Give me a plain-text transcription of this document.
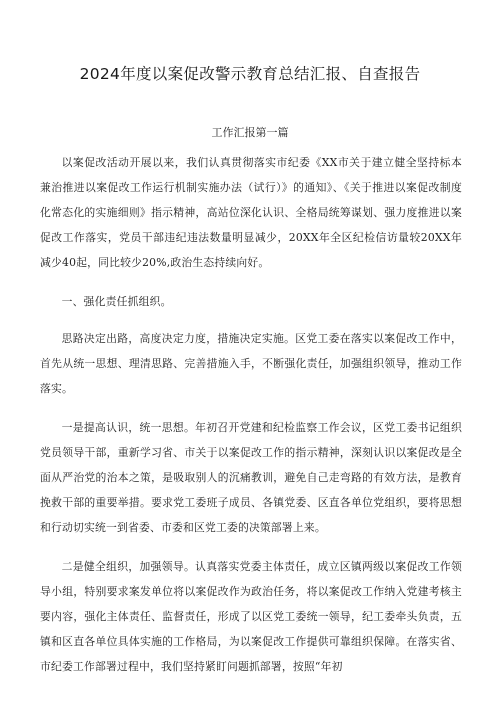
2024年度以案促改警示教育总结汇报、自查报告
工作汇报第一篇

以案促改活动开展以来，我们认真贯彻落实市纪委《XX市关于建立健全坚持标本兼治推进以案促改工作运行机制实施办法（试行）》的通知》、《关于推进以案促改制度化常态化的实施细则》指示精神，高站位深化认识、全格局统筹谋划、强力度推进以案促改工作落实，党员干部违纪违法数量明显减少，20XX年全区纪检信访量较20XX年减少40起，同比较少20%,政治生态持续向好。

一、强化责任抓组织。

思路决定出路，高度决定力度，措施决定实施。区党工委在落实以案促改工作中，首先从统一思想、理清思路、完善措施入手，不断强化责任，加强组织领导，推动工作落实。

一是提高认识，统一思想。年初召开党建和纪检监察工作会议，区党工委书记组织党员领导干部，重新学习省、市关于以案促改工作的指示精神，深刻认识以案促改是全面从严治党的治本之策，是吸取别人的沉痛教训，避免自己走弯路的有效方法，是教育挽救干部的重要举措。要求党工委班子成员、各镇党委、区直各单位党组织，要将思想和行动切实统一到省委、市委和区党工委的决策部署上来。

二是健全组织，加强领导。认真落实党委主体责任，成立区镇两级以案促改工作领导小组，特别要求案发单位将以案促改作为政治任务，将以案促改工作纳入党建考核主要内容，强化主体责任、监督责任，形成了以区党工委统一领导，纪工委牵头负责，五镇和区直各单位具体实施的工作格局，为以案促改工作提供可靠组织保障。在落实省、市纪委工作部署过程中，我们坚持紧盯问题抓部署，按照“年初
